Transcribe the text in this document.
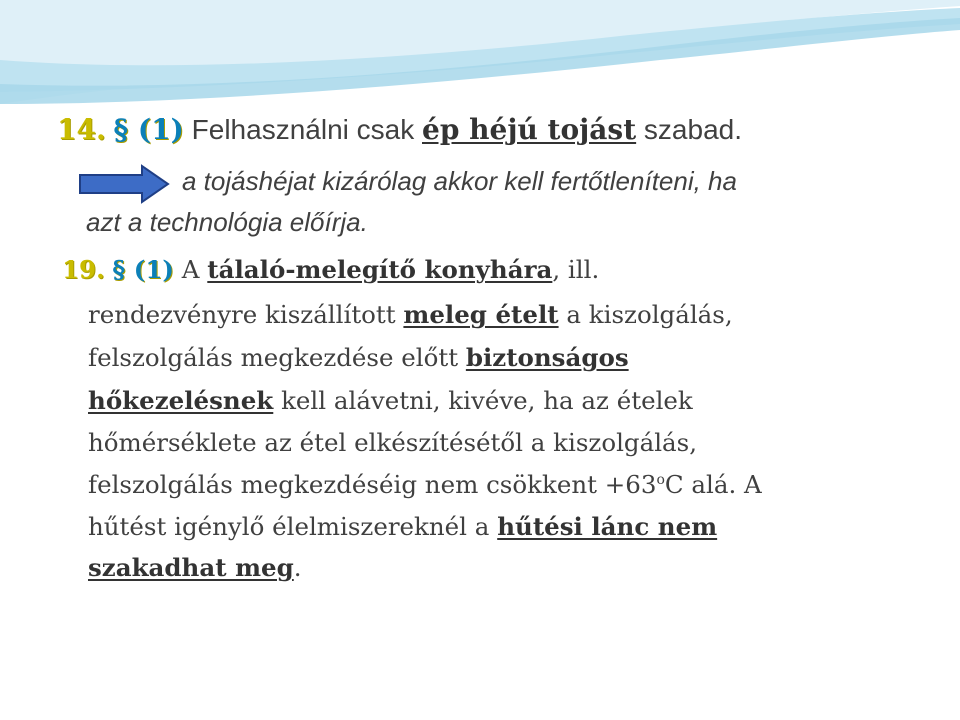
14. § (1) Felhasználni csak ép héjú tojást szabad.
a tojáshéjat kizárólag akkor kell fertőtleníteni, ha
azt a technológia előírja.
19. § (1) A tálaló-melegítő konyhára, ill.
rendezvényre kiszállított meleg ételt a kiszolgálás,
felszolgálás megkezdése előtt biztonságos
hőkezelésnek kell alávetni, kivéve, ha az ételek
hőmérséklete az étel elkészítésétől a kiszolgálás,
felszolgálás megkezdéséig nem csökkent $+63^oC$ alá. A
hűtést igénylő élelmiszereknél a hűtési lánc nem
szakadhat meg.
